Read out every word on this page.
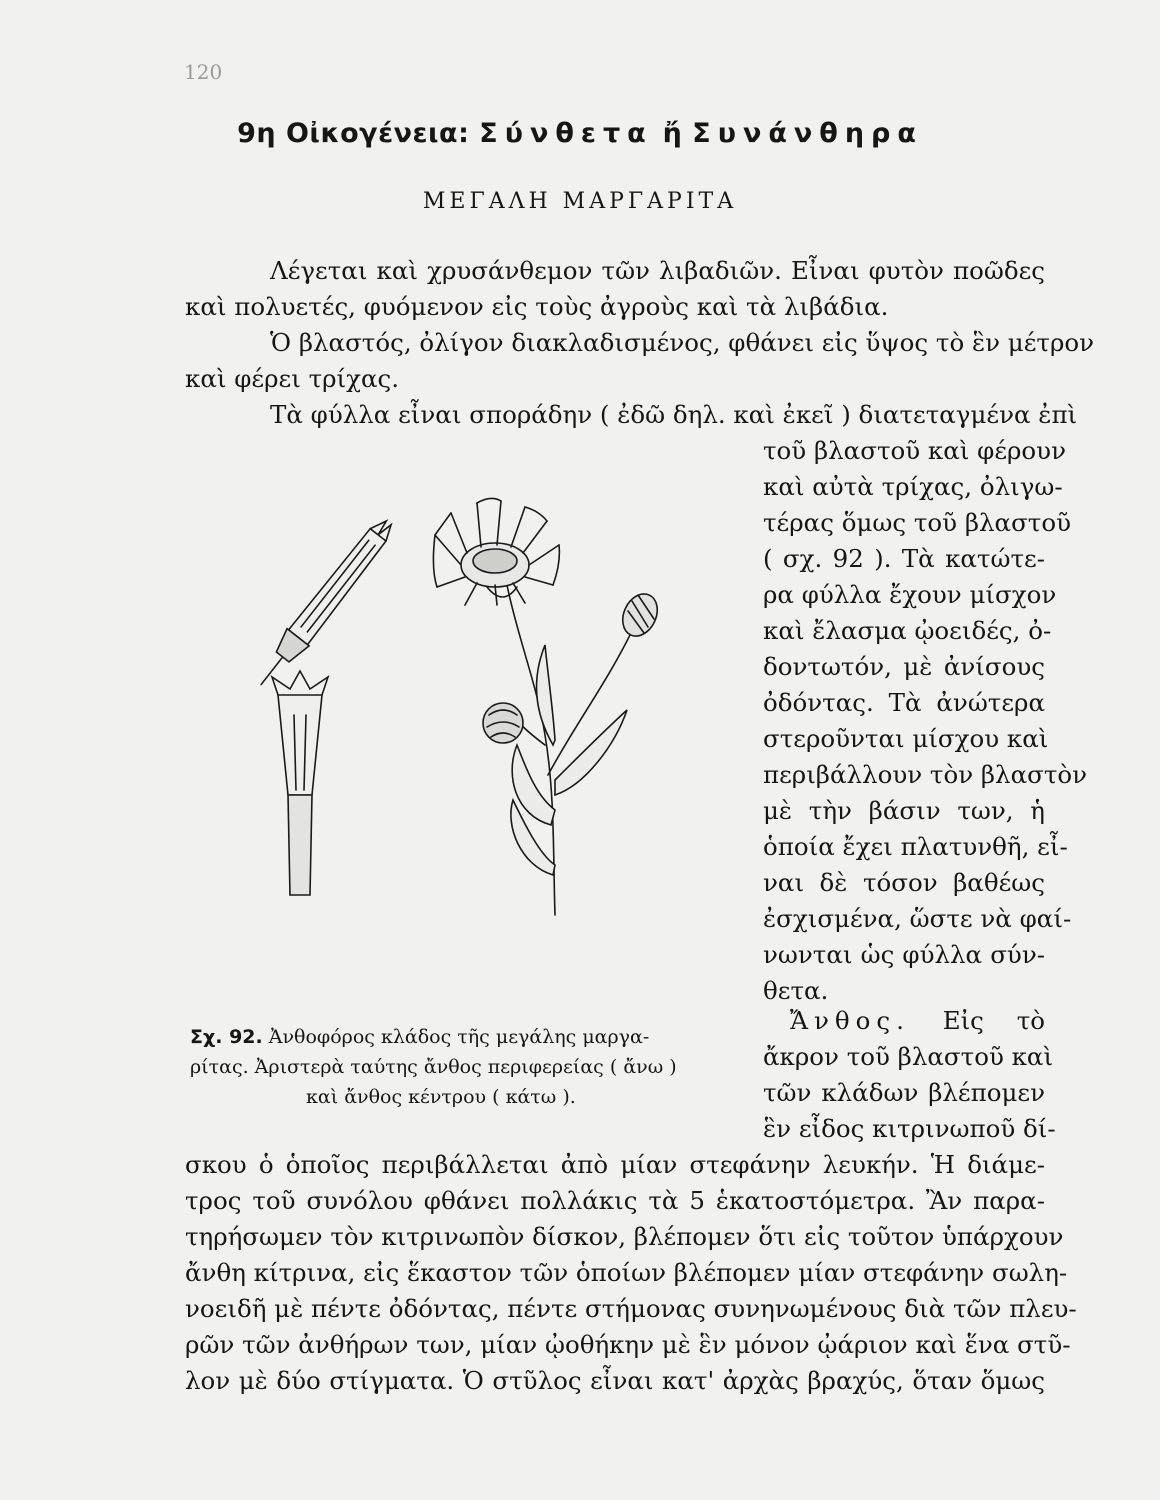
120
9η Οἰκογένεια: Σύνθετα ἤ Συνάνθηρα
ΜΕΓΑΛΗ ΜΑΡΓΑΡΙΤΑ
Λέγεται καὶ χρυσάνθεμον τῶν λιβαδιῶν. Εἶναι φυτὸν ποῶδες
καὶ πολυετές, φυόμενον εἰς τοὺς ἀγροὺς καὶ τὰ λιβάδια.
Ὁ βλαστός, ὀλίγον διακλαδισμένος, φθάνει εἰς ὕψος τὸ ἓν μέτρον
καὶ φέρει τρίχας.
Τὰ φύλλα εἶναι σποράδην ( ἐδῶ δηλ. καὶ ἐκεῖ ) διατεταγμένα ἐπὶ
τοῦ βλαστοῦ καὶ φέρουν
καὶ αὐτὰ τρίχας, ὀλιγω-
τέρας ὅμως τοῦ βλαστοῦ
( σχ. 92 ). Τὰ κατώτε-
ρα φύλλα ἔχουν μίσχον
καὶ ἔλασμα ᾠοειδές, ὀ-
δοντωτόν, μὲ ἀνίσους
ὀδόντας. Τὰ ἀνώτερα
στεροῦνται μίσχου καὶ
περιβάλλουν τὸν βλαστὸν
μὲ τὴν βάσιν των, ἡ
ὁποία ἔχει πλατυνθῆ, εἶ-
ναι δὲ τόσον βαθέως
ἐσχισμένα, ὥστε νὰ φαί-
νωνται ὡς φύλλα σύν-
θετα.
Ἄνθος. Εἰς τὸ
ἄκρον τοῦ βλαστοῦ καὶ
τῶν κλάδων βλέπομεν
ἓν εἶδος κιτρινωποῦ δί-
Σχ. 92. Ἀνθοφόρος κλάδος τῆς μεγάλης μαργα-
ρίτας. Ἀριστερὰ ταύτης ἄνθος περιφερείας ( ἄνω )
καὶ ἄνθος κέντρου ( κάτω ).
σκου ὁ ὁποῖος περιβάλλεται ἀπὸ μίαν στεφάνην λευκήν. Ἡ διάμε-
τρος τοῦ συνόλου φθάνει πολλάκις τὰ 5 ἑκατοστόμετρα. Ἂν παρα-
τηρήσωμεν τὸν κιτρινωπὸν δίσκον, βλέπομεν ὅτι εἰς τοῦτον ὑπάρχουν
ἄνθη κίτρινα, εἰς ἕκαστον τῶν ὁποίων βλέπομεν μίαν στεφάνην σωλη-
νοειδῆ μὲ πέντε ὀδόντας, πέντε στήμονας συνηνωμένους διὰ τῶν πλευ-
ρῶν τῶν ἀνθήρων των, μίαν ᾠοθήκην μὲ ἓν μόνον ᾠάριον καὶ ἕνα στῦ-
λον μὲ δύο στίγματα. Ὁ στῦλος εἶναι κατ' ἀρχὰς βραχύς, ὅταν ὅμως
